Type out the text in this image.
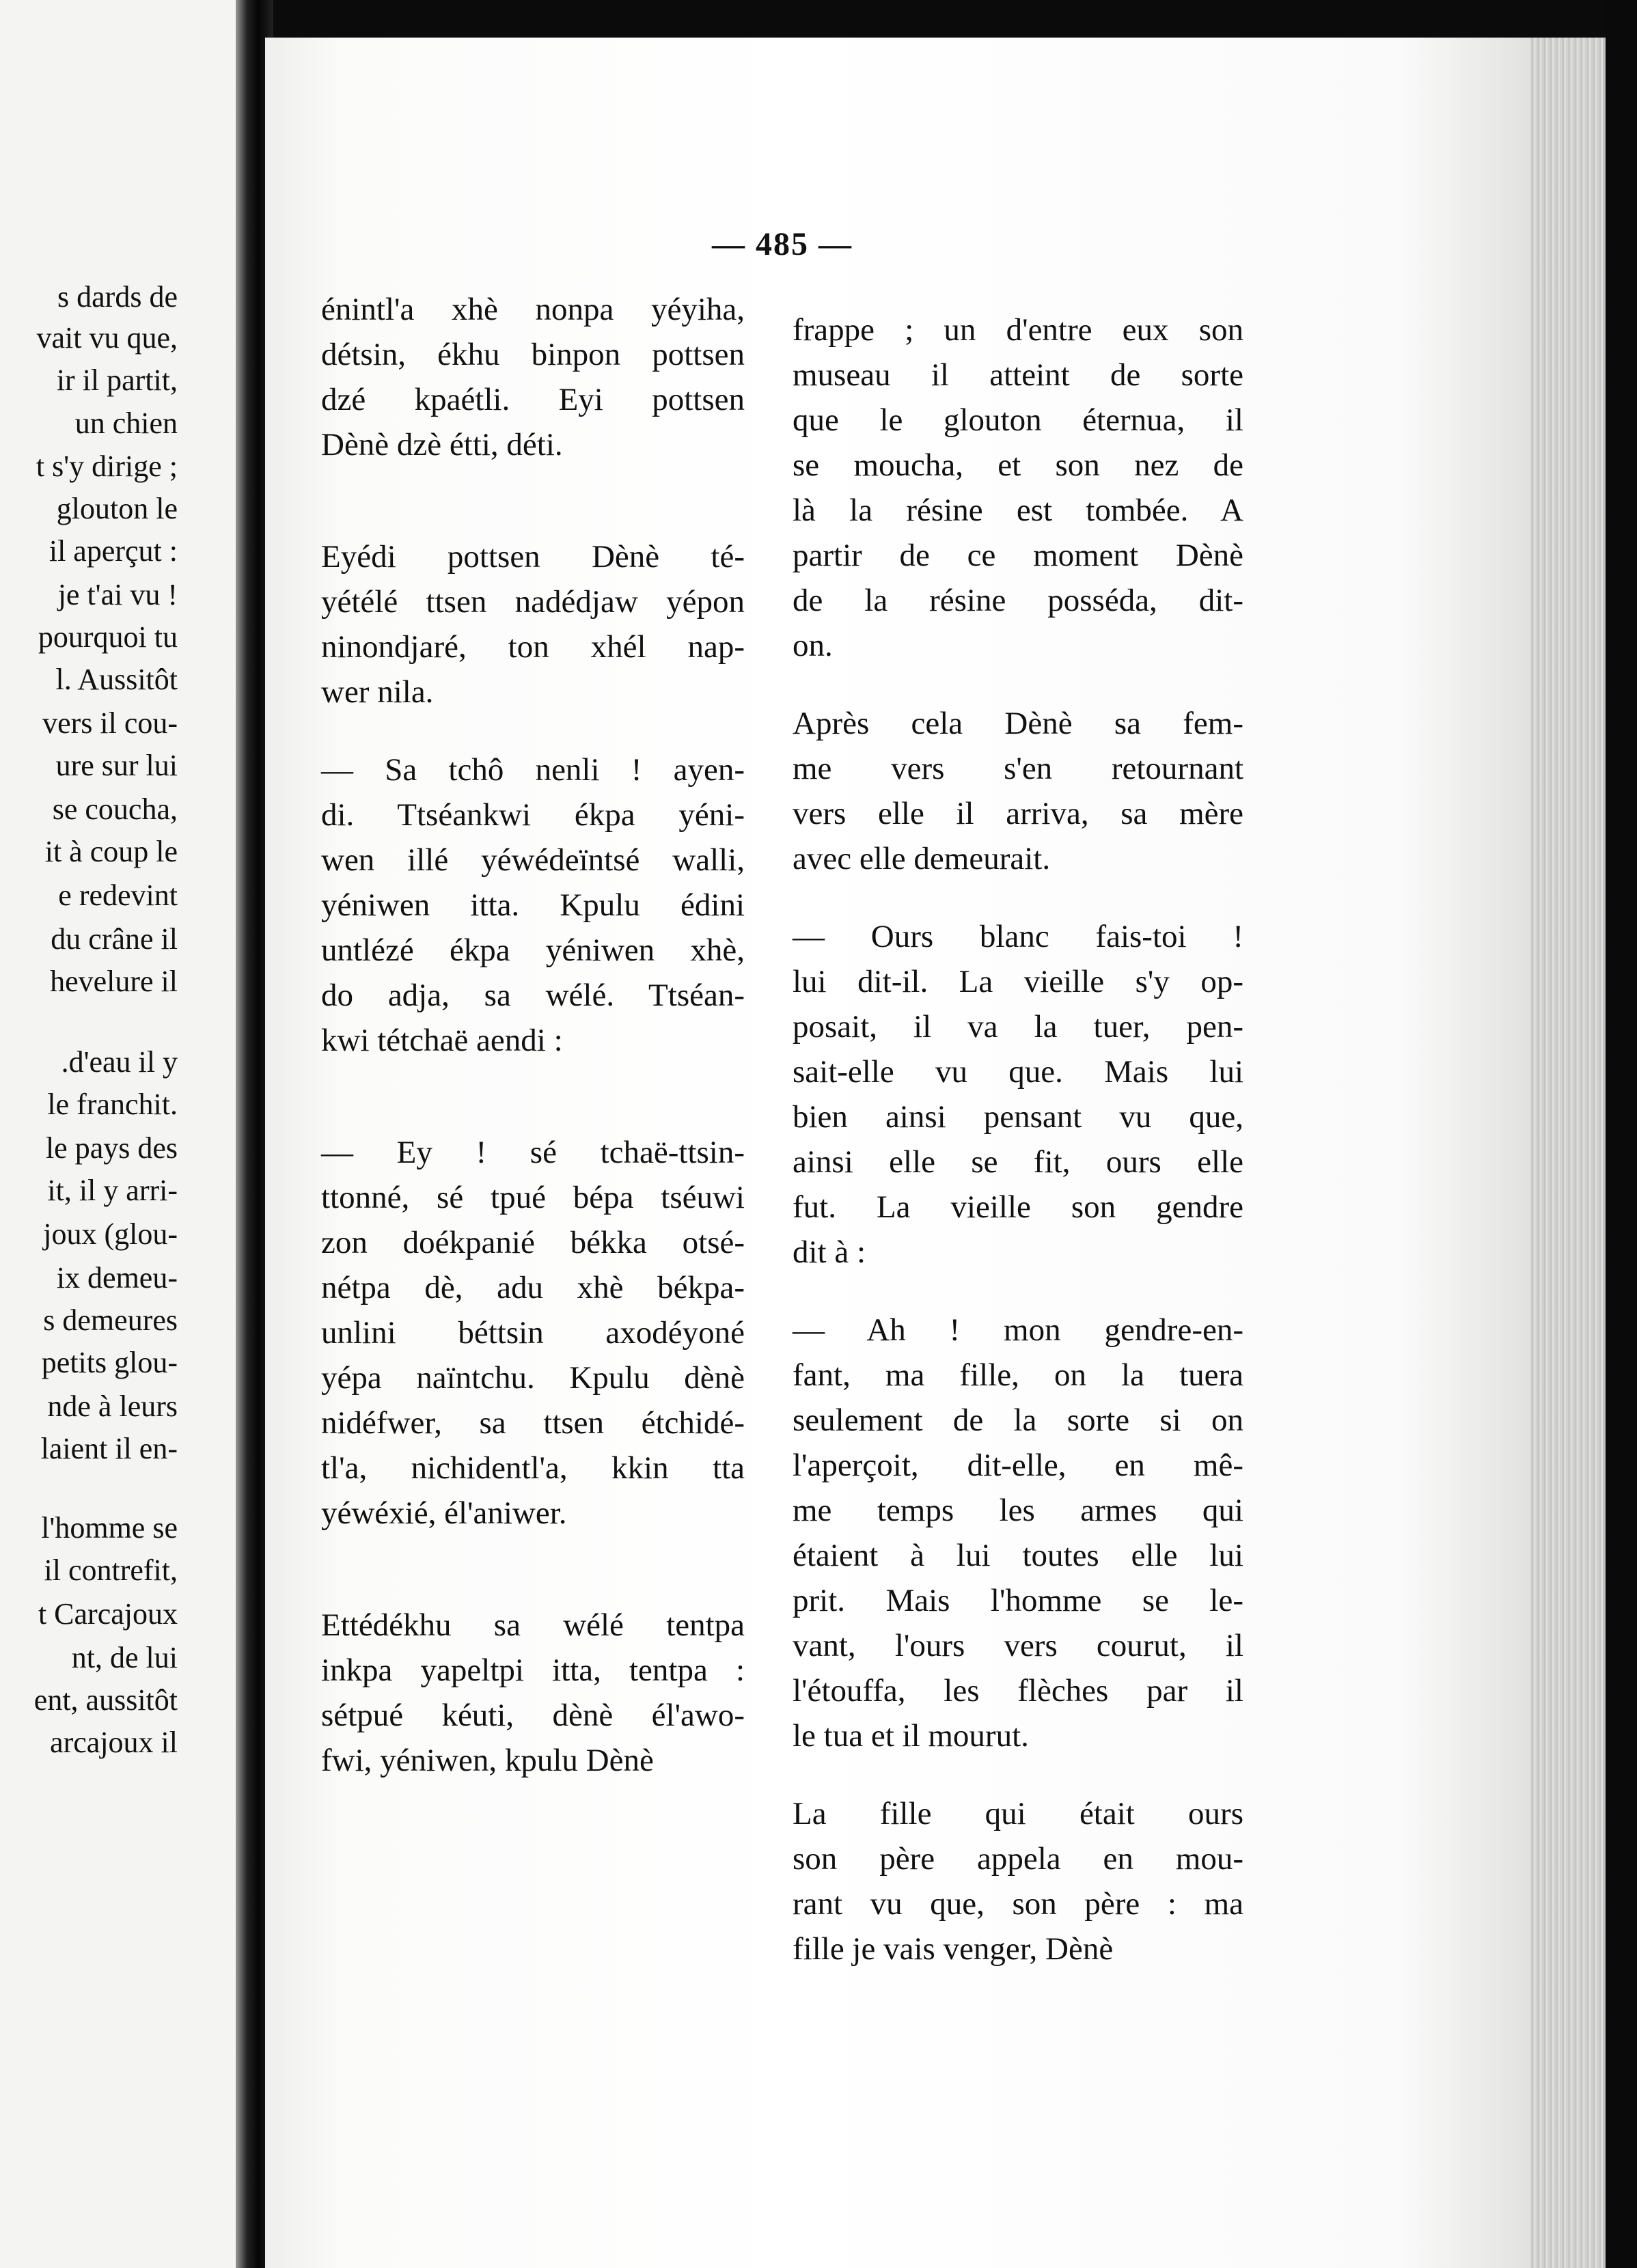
s dards de
vait vu que,
ir il partit,
un chien
t s'y dirige ;
glouton le
il aperçut :
je t'ai vu !
pourquoi tu
l. Aussitôt
vers il cou-
ure sur lui
se coucha,
it à coup le
e redevint
du crâne il
hevelure il
.d'eau il y
le franchit.
le pays des
it, il y arri-
joux (glou-
ix demeu-
s demeures
petits glou-
nde à leurs
laient il en-
l'homme se
il contrefit,
t Carcajoux
nt, de lui
ent, aussitôt
arcajoux il
— 485 —
énintl'a xhè nonpa yéyiha,
détsin, ékhu binpon pottsen
dzé kpaétli. Eyi pottsen
Dènè dzè étti, déti.
Eyédi pottsen Dènè té-
yétélé ttsen nadédjaw yépon
ninondjaré, ton xhél nap-
wer nila.
— Sa tchô nenli ! ayen-
di. Ttséankwi ékpa yéni-
wen illé yéwédeïntsé walli,
yéniwen itta. Kpulu édini
untlézé ékpa yéniwen xhè,
do adja, sa wélé. Ttséan-
kwi tétchaë aendi :
— Ey ! sé tchaë-ttsin-
ttonné, sé tpué bépa tséuwi
zon doékpanié békka otsé-
nétpa dè, adu xhè békpa-
unlini béttsin axodéyoné
yépa naïntchu. Kpulu dènè
nidéfwer, sa ttsen étchidé-
tl'a, nichidentl'a, kkin tta
yéwéxié, él'aniwer.
Ettédékhu sa wélé tentpa
inkpa yapeltpi itta, tentpa :
sétpué kéuti, dènè él'awo-
fwi, yéniwen, kpulu Dènè
frappe ; un d'entre eux son
museau il atteint de sorte
que le glouton éternua, il
se moucha, et son nez de
là la résine est tombée. A
partir de ce moment Dènè
de la résine posséda, dit-
on.
Après cela Dènè sa fem-
me vers s'en retournant
vers elle il arriva, sa mère
avec elle demeurait.
— Ours blanc fais-toi !
lui dit-il. La vieille s'y op-
posait, il va la tuer, pen-
sait-elle vu que. Mais lui
bien ainsi pensant vu que,
ainsi elle se fit, ours elle
fut. La vieille son gendre
dit à :
— Ah ! mon gendre-en-
fant, ma fille, on la tuera
seulement de la sorte si on
l'aperçoit, dit-elle, en mê-
me temps les armes qui
étaient à lui toutes elle lui
prit. Mais l'homme se le-
vant, l'ours vers courut, il
l'étouffa, les flèches par il
le tua et il mourut.
La fille qui était ours
son père appela en mou-
rant vu que, son père : ma
fille je vais venger, Dènè
